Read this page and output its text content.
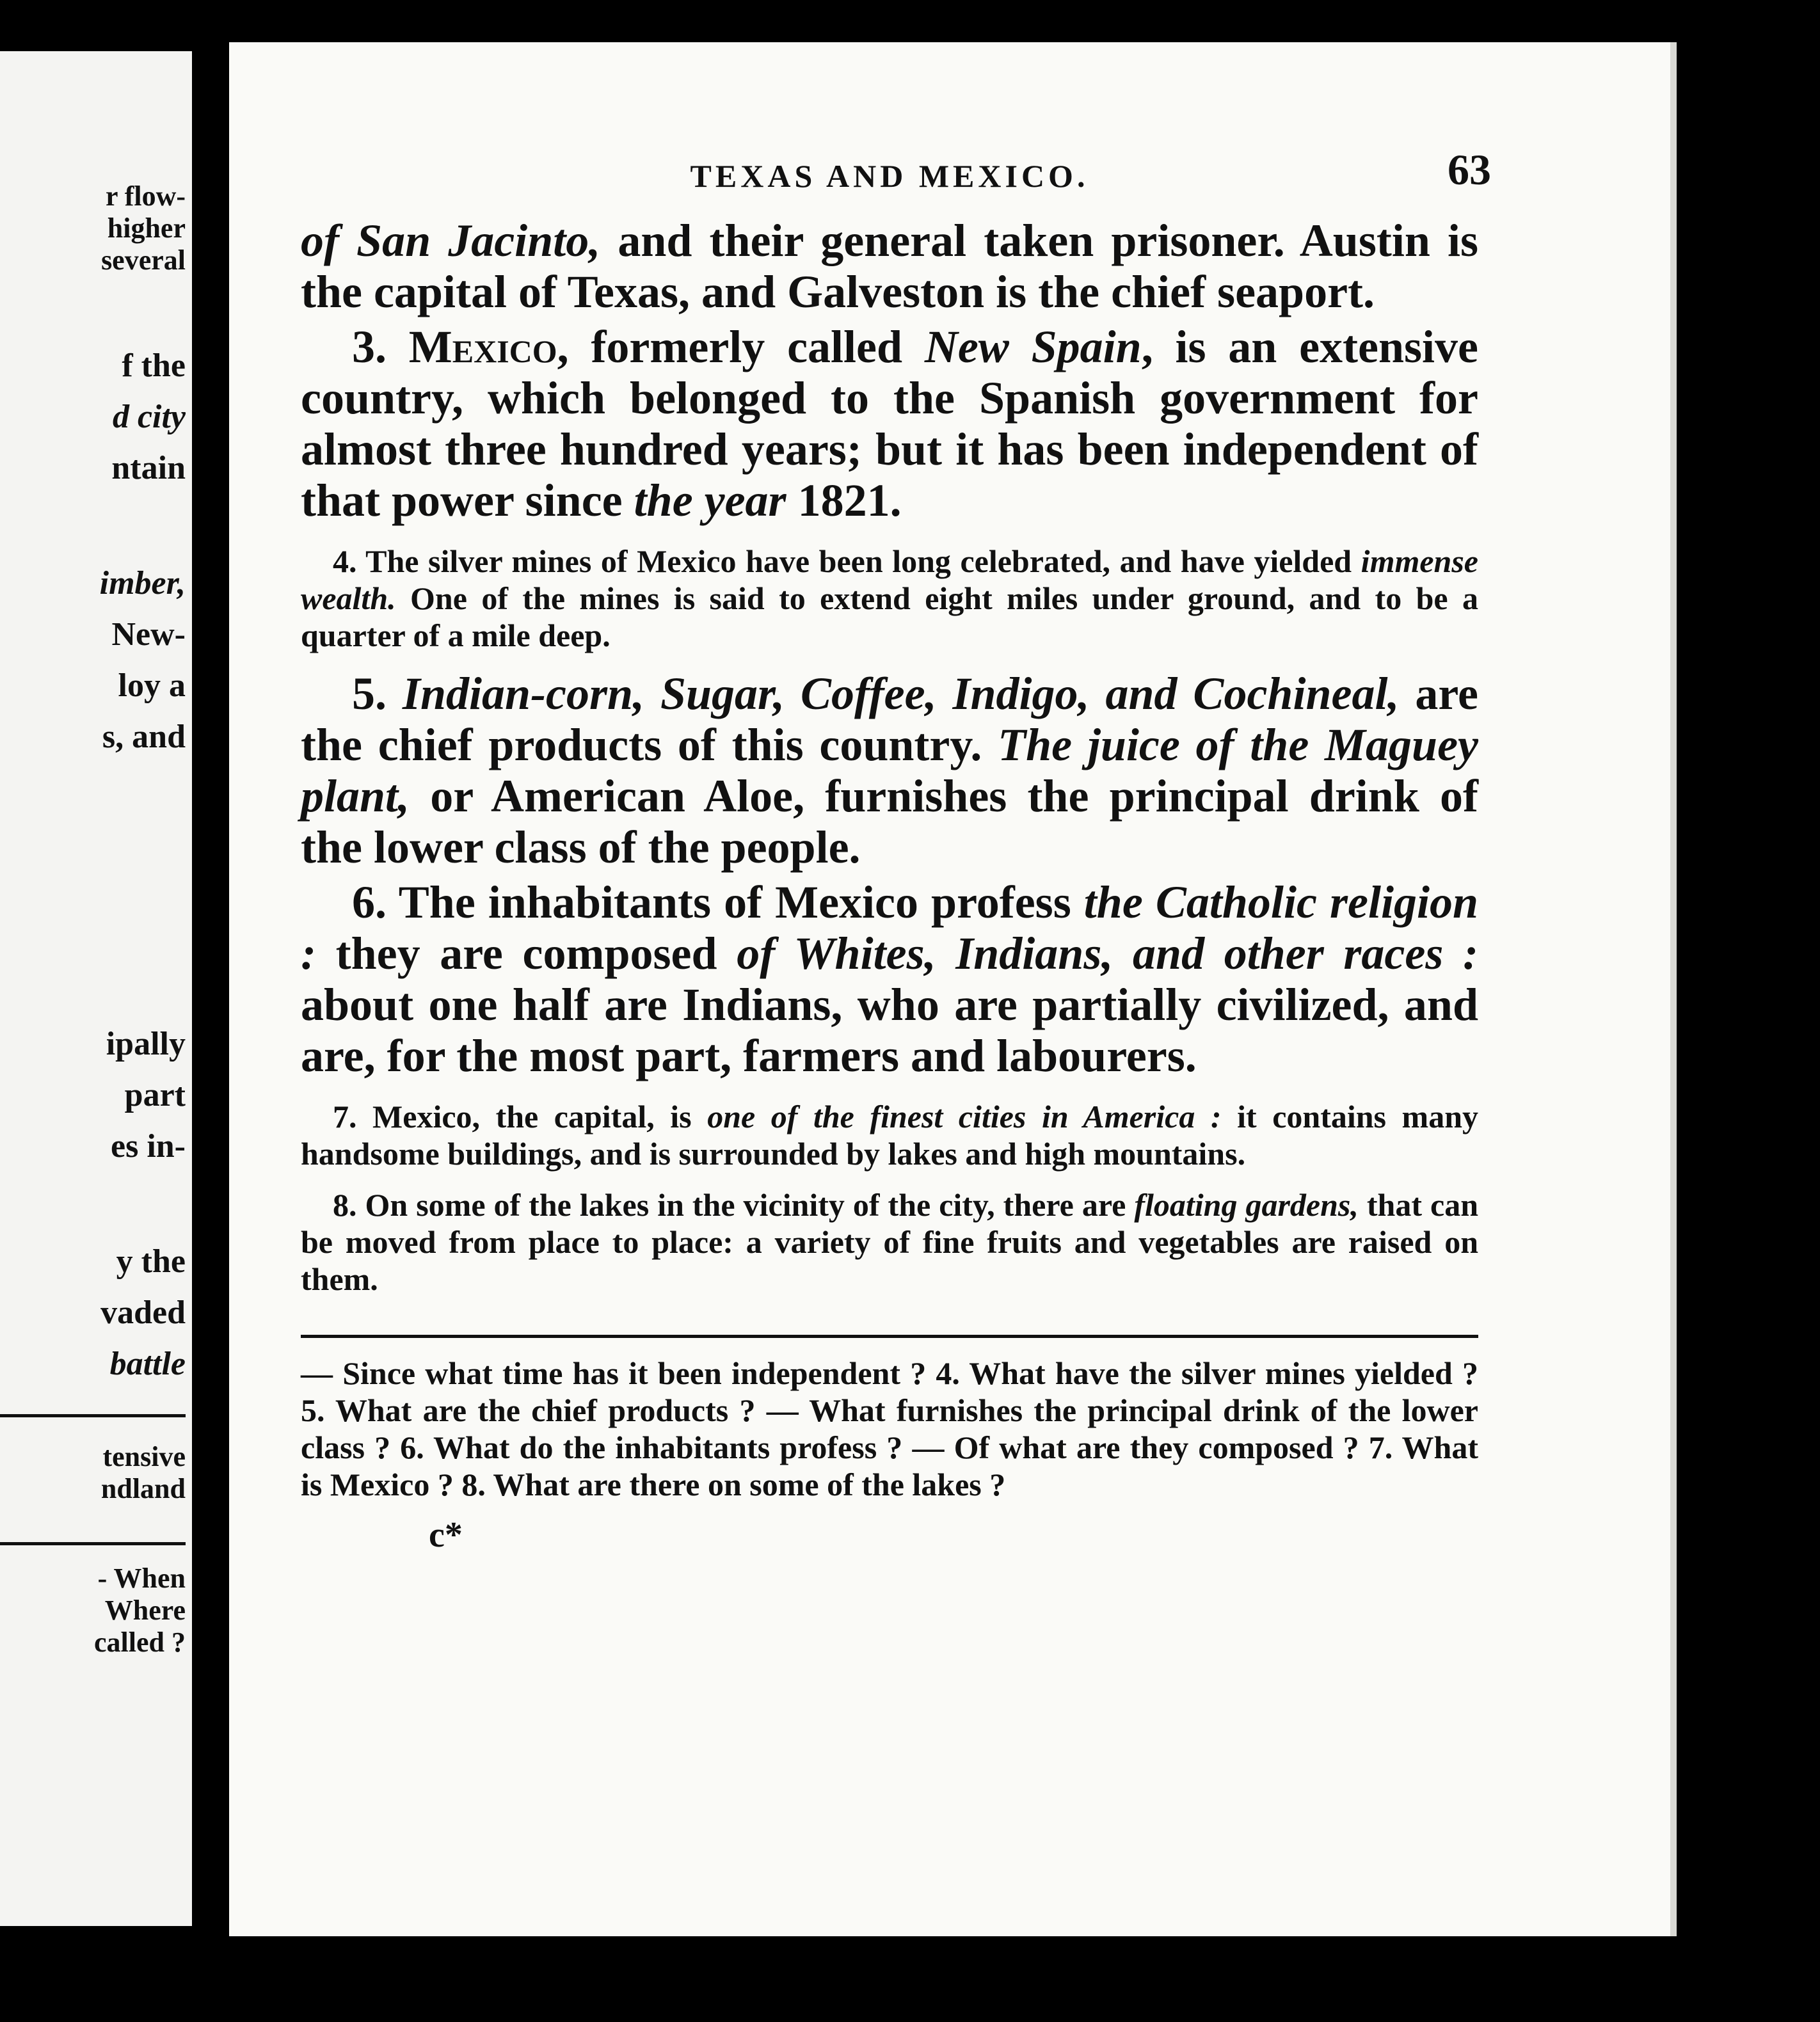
r flow-
higher
several
f the
d city
ntain
imber,
New-
loy a
s, and
ipally
part
es in-
y the
vaded
battle
tensive
ndland
- When
Where
called ?
TEXAS AND MEXICO.	63

of San Jacinto, and their general taken prisoner. Austin is the capital of Texas, and Galveston is the chief seaport.

3. Mexico, formerly called New Spain, is an extensive country, which belonged to the Spanish government for almost three hundred years; but it has been independent of that power since the year 1821.

4. The silver mines of Mexico have been long celebrated, and have yielded immense wealth. One of the mines is said to extend eight miles under ground, and to be a quarter of a mile deep.

5. Indian-corn, Sugar, Coffee, Indigo, and Cochineal, are the chief products of this country. The juice of the Maguey plant, or American Aloe, furnishes the principal drink of the lower class of the people.

6. The inhabitants of Mexico profess the Catholic religion : they are composed of Whites, Indians, and other races : about one half are Indians, who are partially civilized, and are, for the most part, farmers and labourers.

7. Mexico, the capital, is one of the finest cities in America : it contains many handsome buildings, and is surrounded by lakes and high mountains.

8. On some of the lakes in the vicinity of the city, there are floating gardens, that can be moved from place to place: a variety of fine fruits and vegetables are raised on them.

— Since what time has it been independent ? 4. What have the silver mines yielded ? 5. What are the chief products ? — What furnishes the principal drink of the lower class ? 6. What do the inhabitants profess ? — Of what are they composed ? 7. What is Mexico ? 8. What are there on some of the lakes ?

c*
